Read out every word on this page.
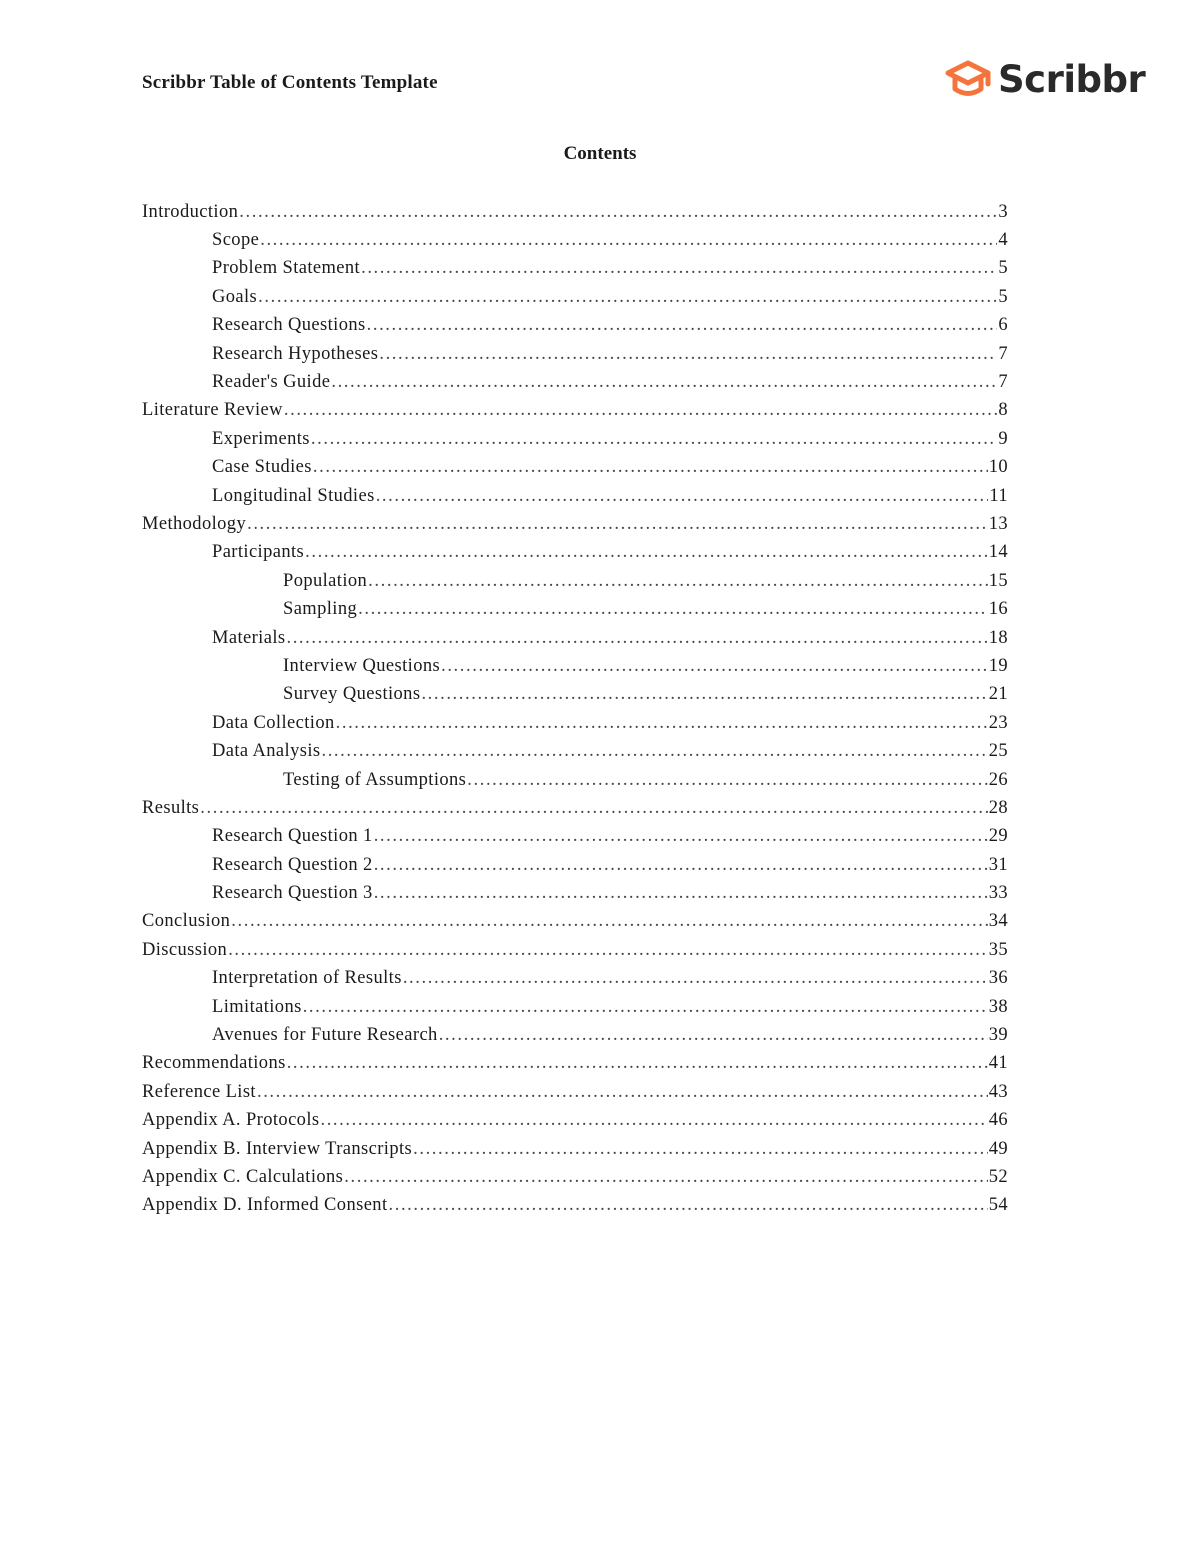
Scribbr Table of Contents Template	Scribbr
Contents
Introduction .....	3
Scope .....	4
Problem Statement .....	5
Goals .....	5
Research Questions .....	6
Research Hypotheses .....	7
Reader's Guide .....	7
Literature Review .....	8
Experiments .....	9
Case Studies .....	10
Longitudinal Studies .....	11
Methodology .....	13
Participants .....	14
Population .....	15
Sampling .....	16
Materials .....	18
Interview Questions .....	19
Survey Questions .....	21
Data Collection .....	23
Data Analysis .....	25
Testing of Assumptions .....	26
Results .....	28
Research Question 1 .....	29
Research Question 2 .....	31
Research Question 3 .....	33
Conclusion .....	34
Discussion .....	35
Interpretation of Results .....	36
Limitations .....	38
Avenues for Future Research .....	39
Recommendations .....	41
Reference List .....	43
Appendix A. Protocols .....	46
Appendix B. Interview Transcripts .....	49
Appendix C. Calculations .....	52
Appendix D. Informed Consent .....	54
